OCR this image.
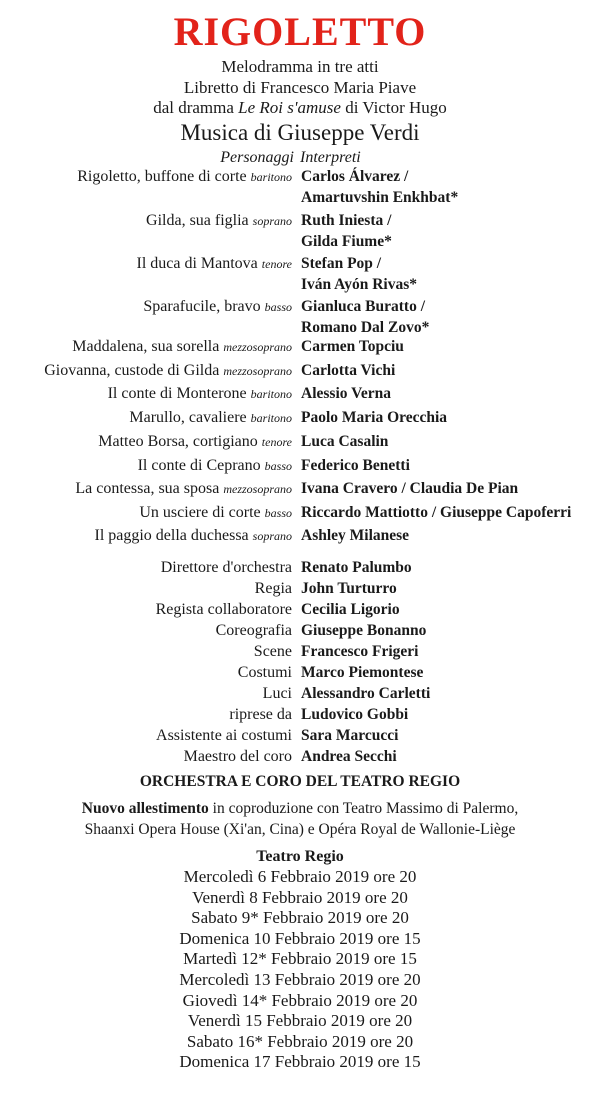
RIGOLETTO
Melodramma in tre atti
Libretto di Francesco Maria Piave
dal dramma Le Roi s'amuse di Victor Hugo
Musica di Giuseppe Verdi
Personaggi Interpreti
Rigoletto, buffone di corte baritono Carlos Álvarez /
Amartuvshin Enkhbat*
Gilda, sua figlia soprano Ruth Iniesta /
Gilda Fiume*
Il duca di Mantova tenore Stefan Pop /
Iván Ayón Rivas*
Sparafucile, bravo basso Gianluca Buratto /
Romano Dal Zovo*
Maddalena, sua sorella mezzosoprano Carmen Topciu
Giovanna, custode di Gilda mezzosoprano Carlotta Vichi
Il conte di Monterone baritono Alessio Verna
Marullo, cavaliere baritono Paolo Maria Orecchia
Matteo Borsa, cortigiano tenore Luca Casalin
Il conte di Ceprano basso Federico Benetti
La contessa, sua sposa mezzosoprano Ivana Cravero / Claudia De Pian
Un usciere di corte basso Riccardo Mattiotto / Giuseppe Capoferri
Il paggio della duchessa soprano Ashley Milanese
Direttore d'orchestra Renato Palumbo
Regia John Turturro
Regista collaboratore Cecilia Ligorio
Coreografia Giuseppe Bonanno
Scene Francesco Frigeri
Costumi Marco Piemontese
Luci Alessandro Carletti
riprese da Ludovico Gobbi
Assistente ai costumi Sara Marcucci
Maestro del coro Andrea Secchi
ORCHESTRA E CORO DEL TEATRO REGIO
Nuovo allestimento in coproduzione con Teatro Massimo di Palermo,
Shaanxi Opera House (Xi'an, Cina) e Opéra Royal de Wallonie-Liège
Teatro Regio
Mercoledì 6 Febbraio 2019 ore 20
Venerdì 8 Febbraio 2019 ore 20
Sabato 9* Febbraio 2019 ore 20
Domenica 10 Febbraio 2019 ore 15
Martedì 12* Febbraio 2019 ore 15
Mercoledì 13 Febbraio 2019 ore 20
Giovedì 14* Febbraio 2019 ore 20
Venerdì 15 Febbraio 2019 ore 20
Sabato 16* Febbraio 2019 ore 20
Domenica 17 Febbraio 2019 ore 15
